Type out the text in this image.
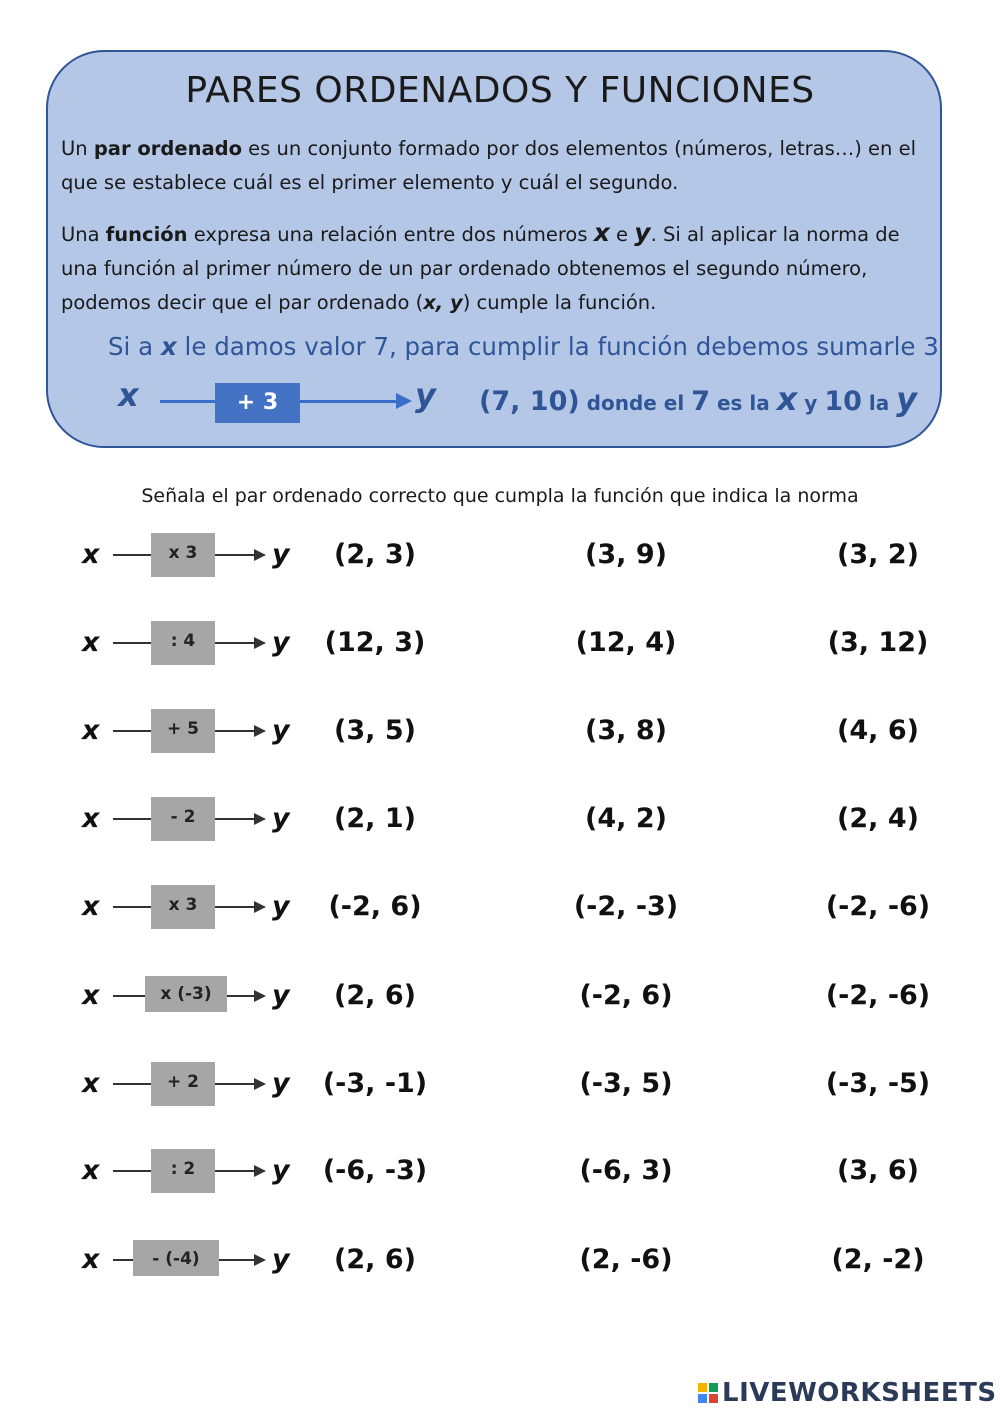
PARES ORDENADOS Y FUNCIONES
Un par ordenado es un conjunto formado por dos elementos (números, letras…) en el que se establece cuál es el primer elemento y cuál el segundo.
Una función expresa una relación entre dos números x e y. Si al aplicar la norma de una función al primer número de un par ordenado obtenemos el segundo número, podemos decir que el par ordenado (x, y) cumple la función.
Si a x le damos valor 7, para cumplir la función debemos sumarle 3
x	+ 3	y (7, 10) donde el 7 es la x y 10 la y
Señala el par ordenado correcto que cumpla la función que indica la norma
x	x 3	y	(2, 3)	(3, 9)	(3, 2)
x	: 4	y	(12, 3)	(12, 4)	(3, 12)
x	+ 5	y	(3, 5)	(3, 8)	(4, 6)
x	- 2	y	(2, 1)	(4, 2)	(2, 4)
x	x 3	y	(-2, 6)	(-2, -3)	(-2, -6)
x	x (-3)	y	(2, 6)	(-2, 6)	(-2, -6)
x	+ 2	y	(-3, -1)	(-3, 5)	(-3, -5)
x	: 2	y	(-6, -3)	(-6, 3)	(3, 6)
x	- (-4)	y	(2, 6)	(2, -6)	(2, -2)
LIVEWORKSHEETS
